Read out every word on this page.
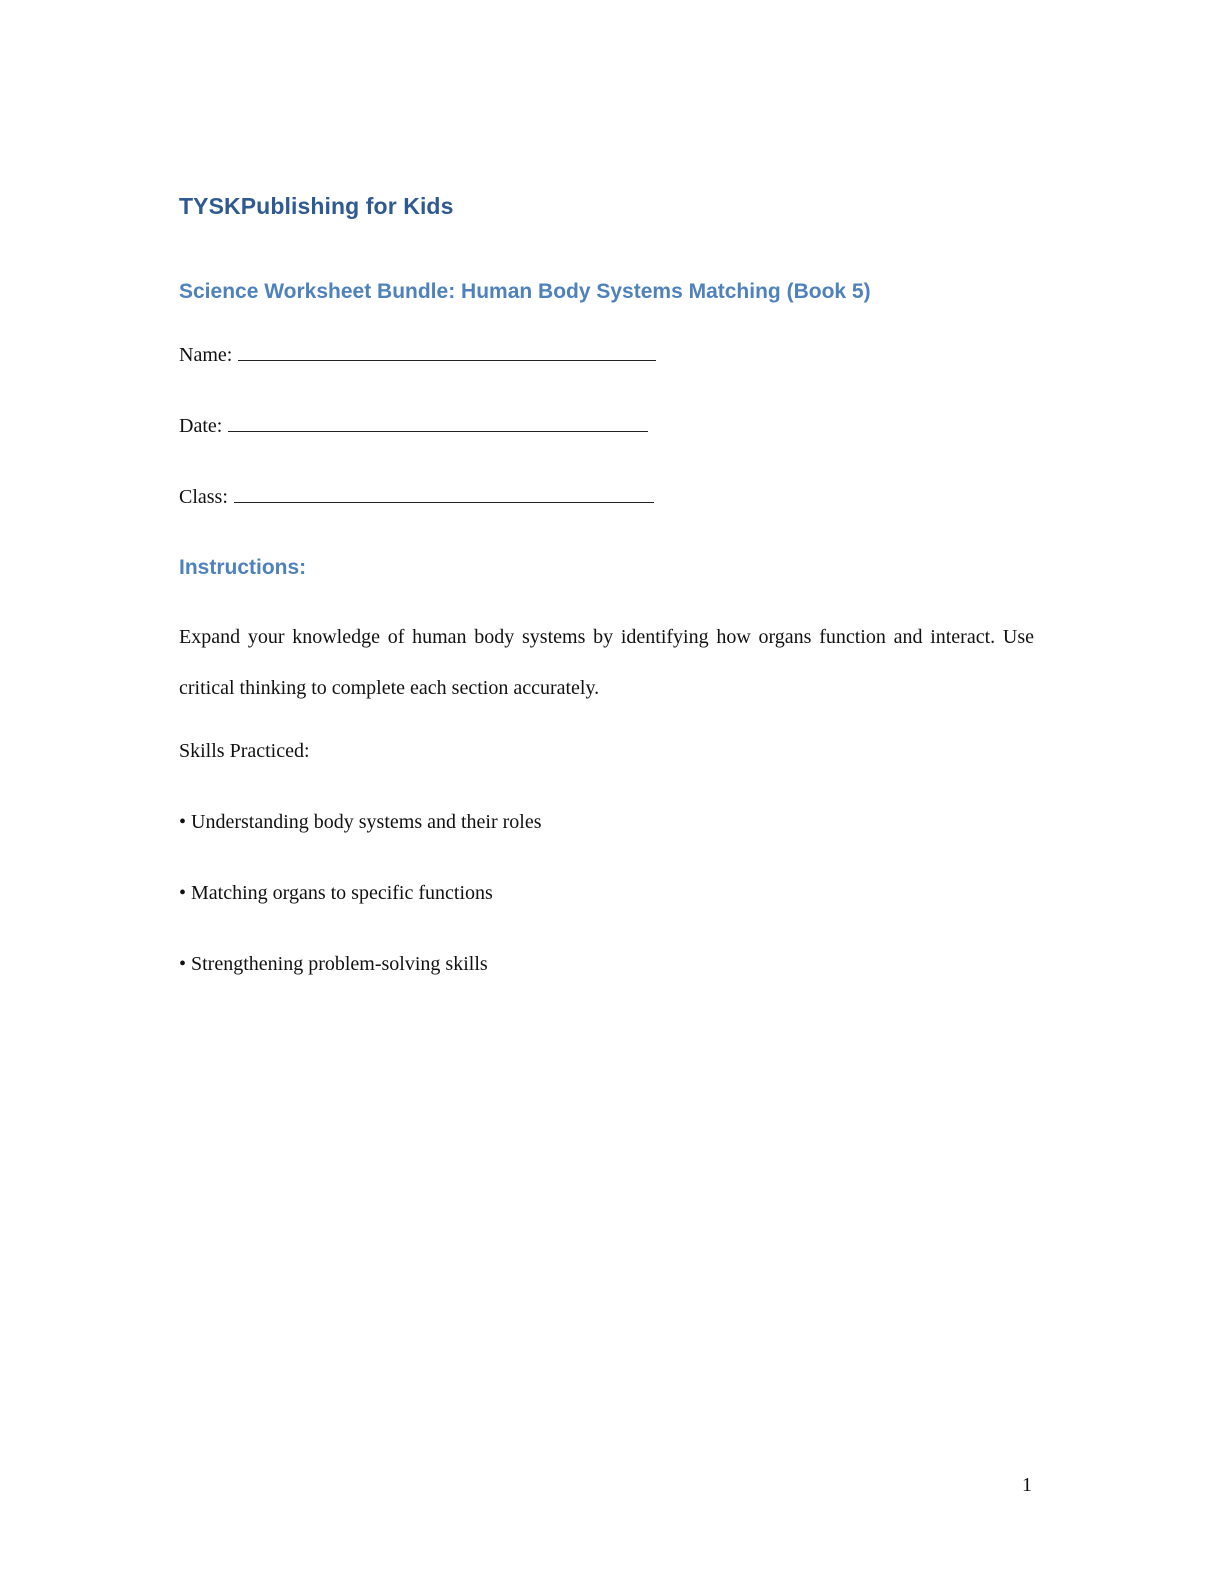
TYSKPublishing for Kids
Science Worksheet Bundle: Human Body Systems Matching (Book 5)
Name:
Date:
Class:
Instructions:

Expand your knowledge of human body systems by identifying how organs function and interact. Use critical thinking to complete each section accurately.

Skills Practiced:
• Understanding body systems and their roles
• Matching organs to specific functions
• Strengthening problem-solving skills
1
